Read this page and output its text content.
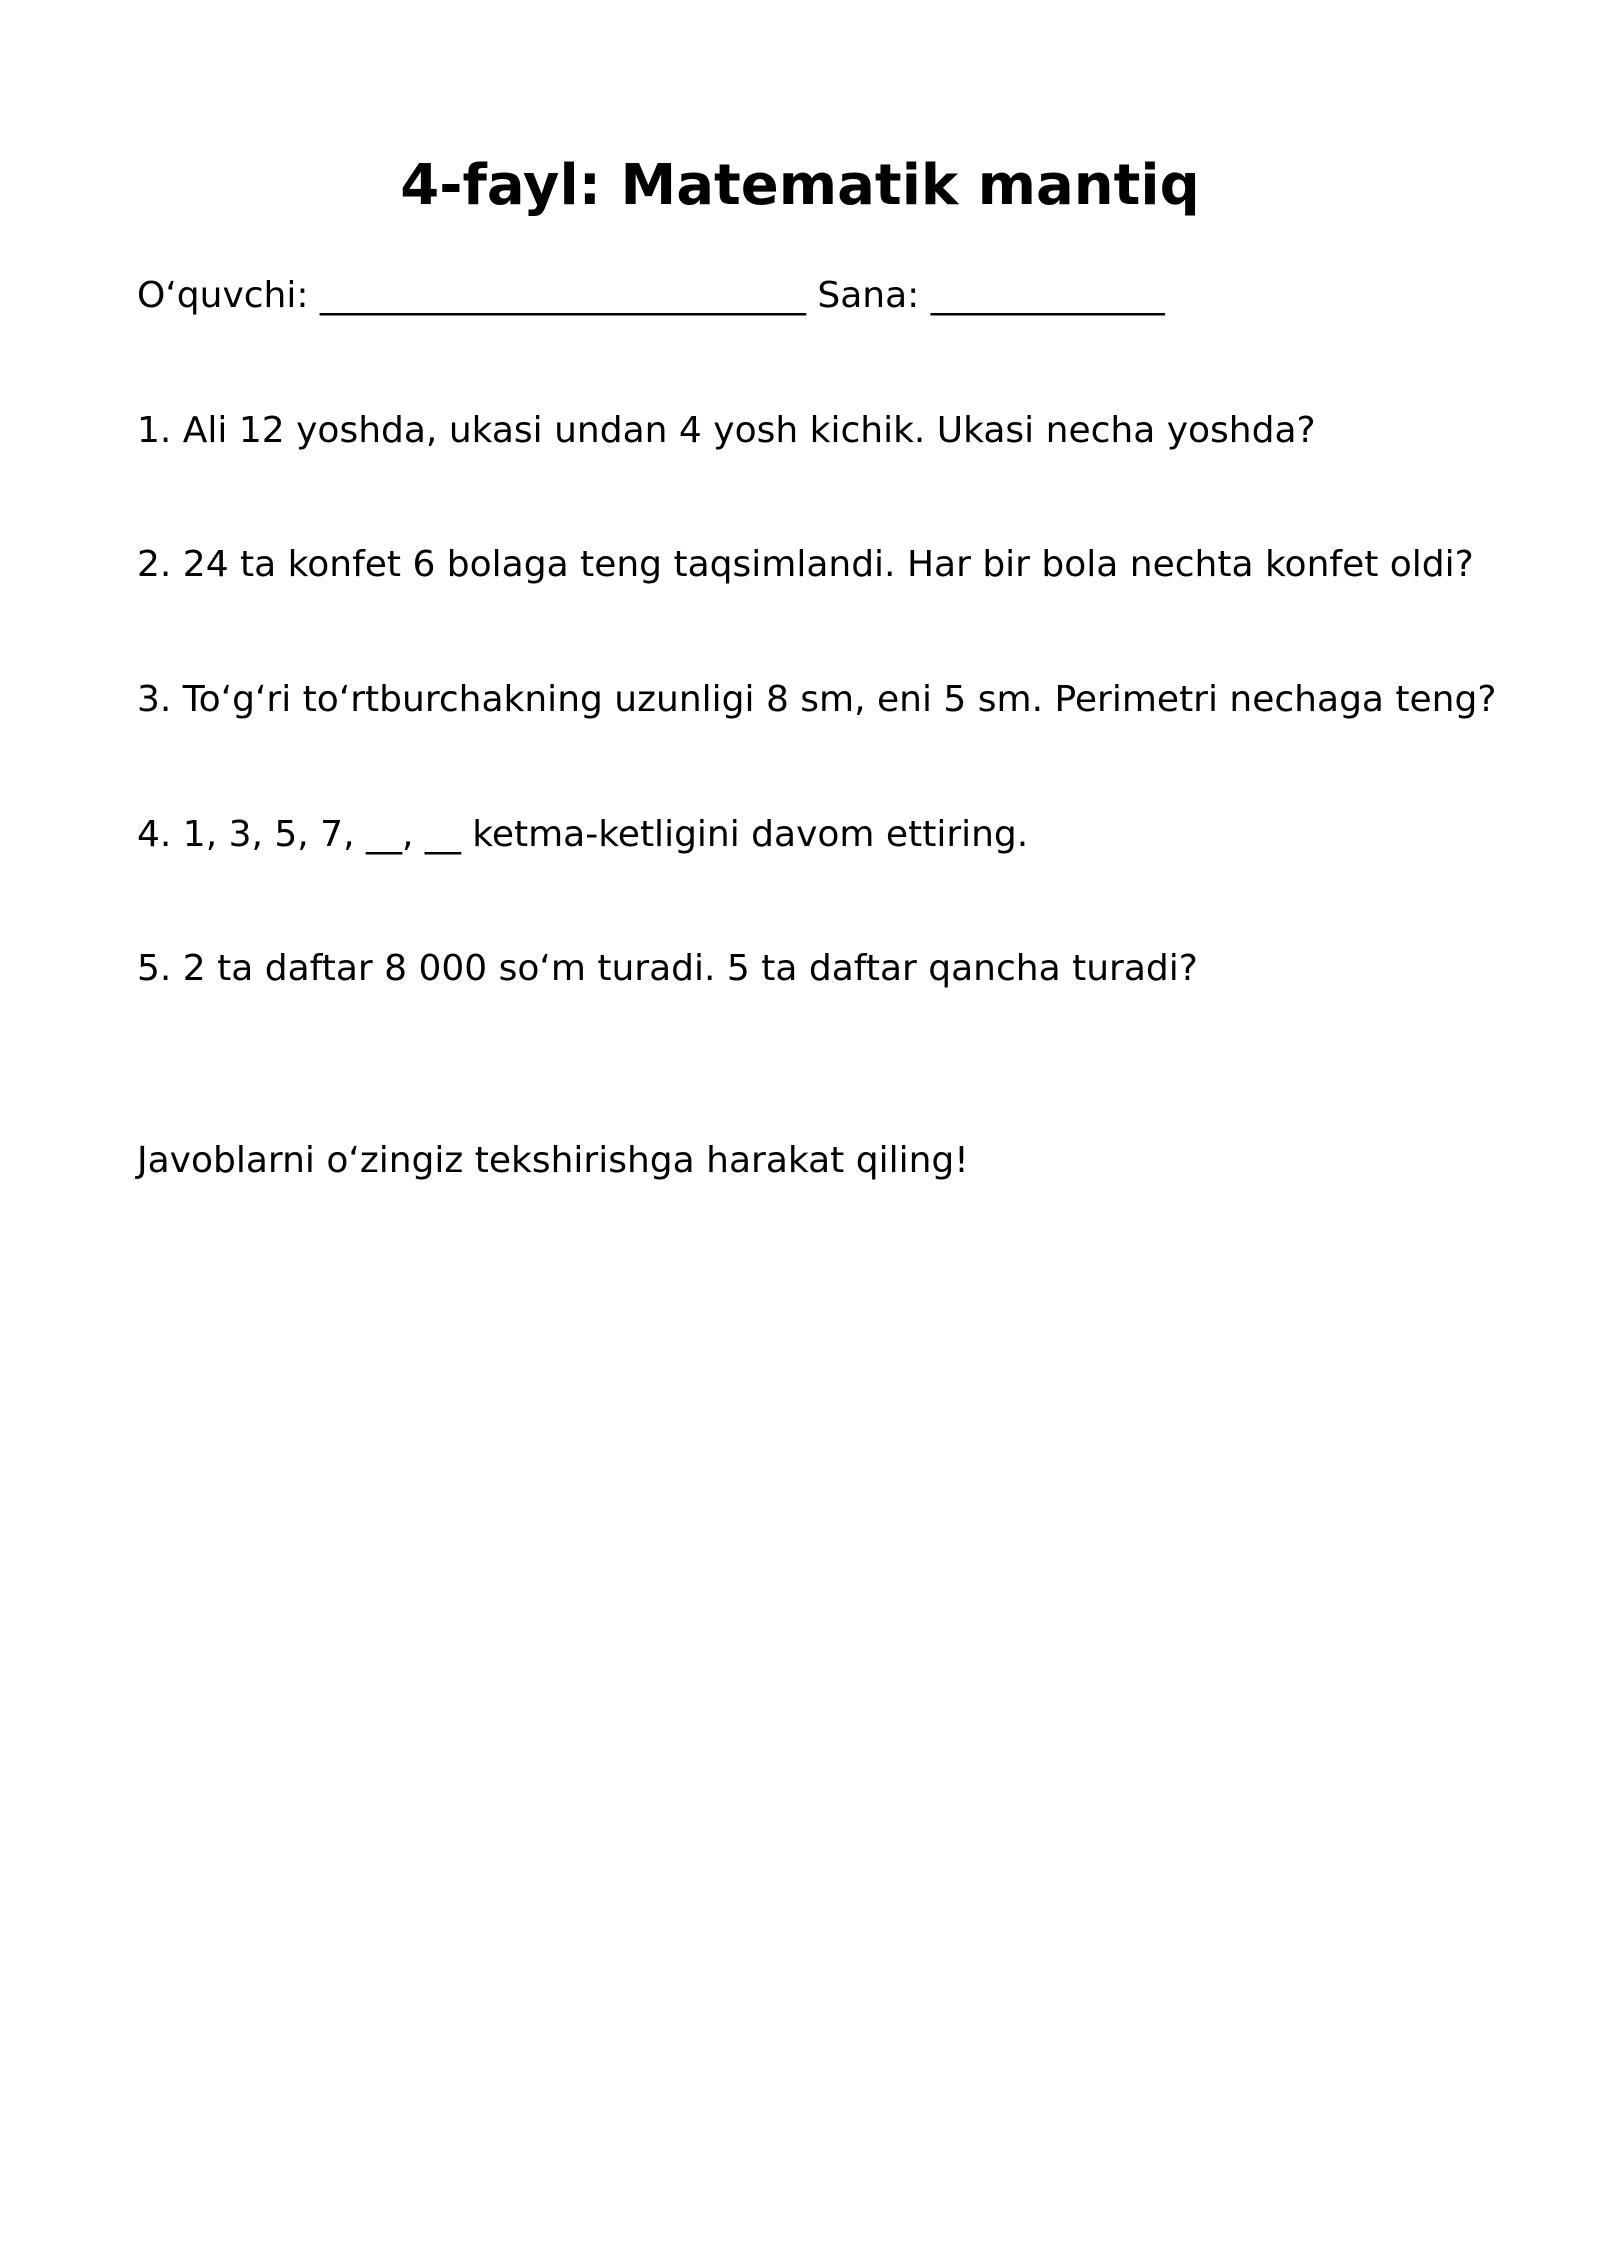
4-fayl: Matematik mantiq
O‘quvchi: ___________________________ Sana: _____________

1. Ali 12 yoshda, ukasi undan 4 yosh kichik. Ukasi necha yoshda?

2. 24 ta konfet 6 bolaga teng taqsimlandi. Har bir bola nechta konfet oldi?

3. To‘g‘ri to‘rtburchakning uzunligi 8 sm, eni 5 sm. Perimetri nechaga teng?

4. 1, 3, 5, 7, __, __ ketma-ketligini davom ettiring.

5. 2 ta daftar 8 000 so‘m turadi. 5 ta daftar qancha turadi?

Javoblarni o‘zingiz tekshirishga harakat qiling!
